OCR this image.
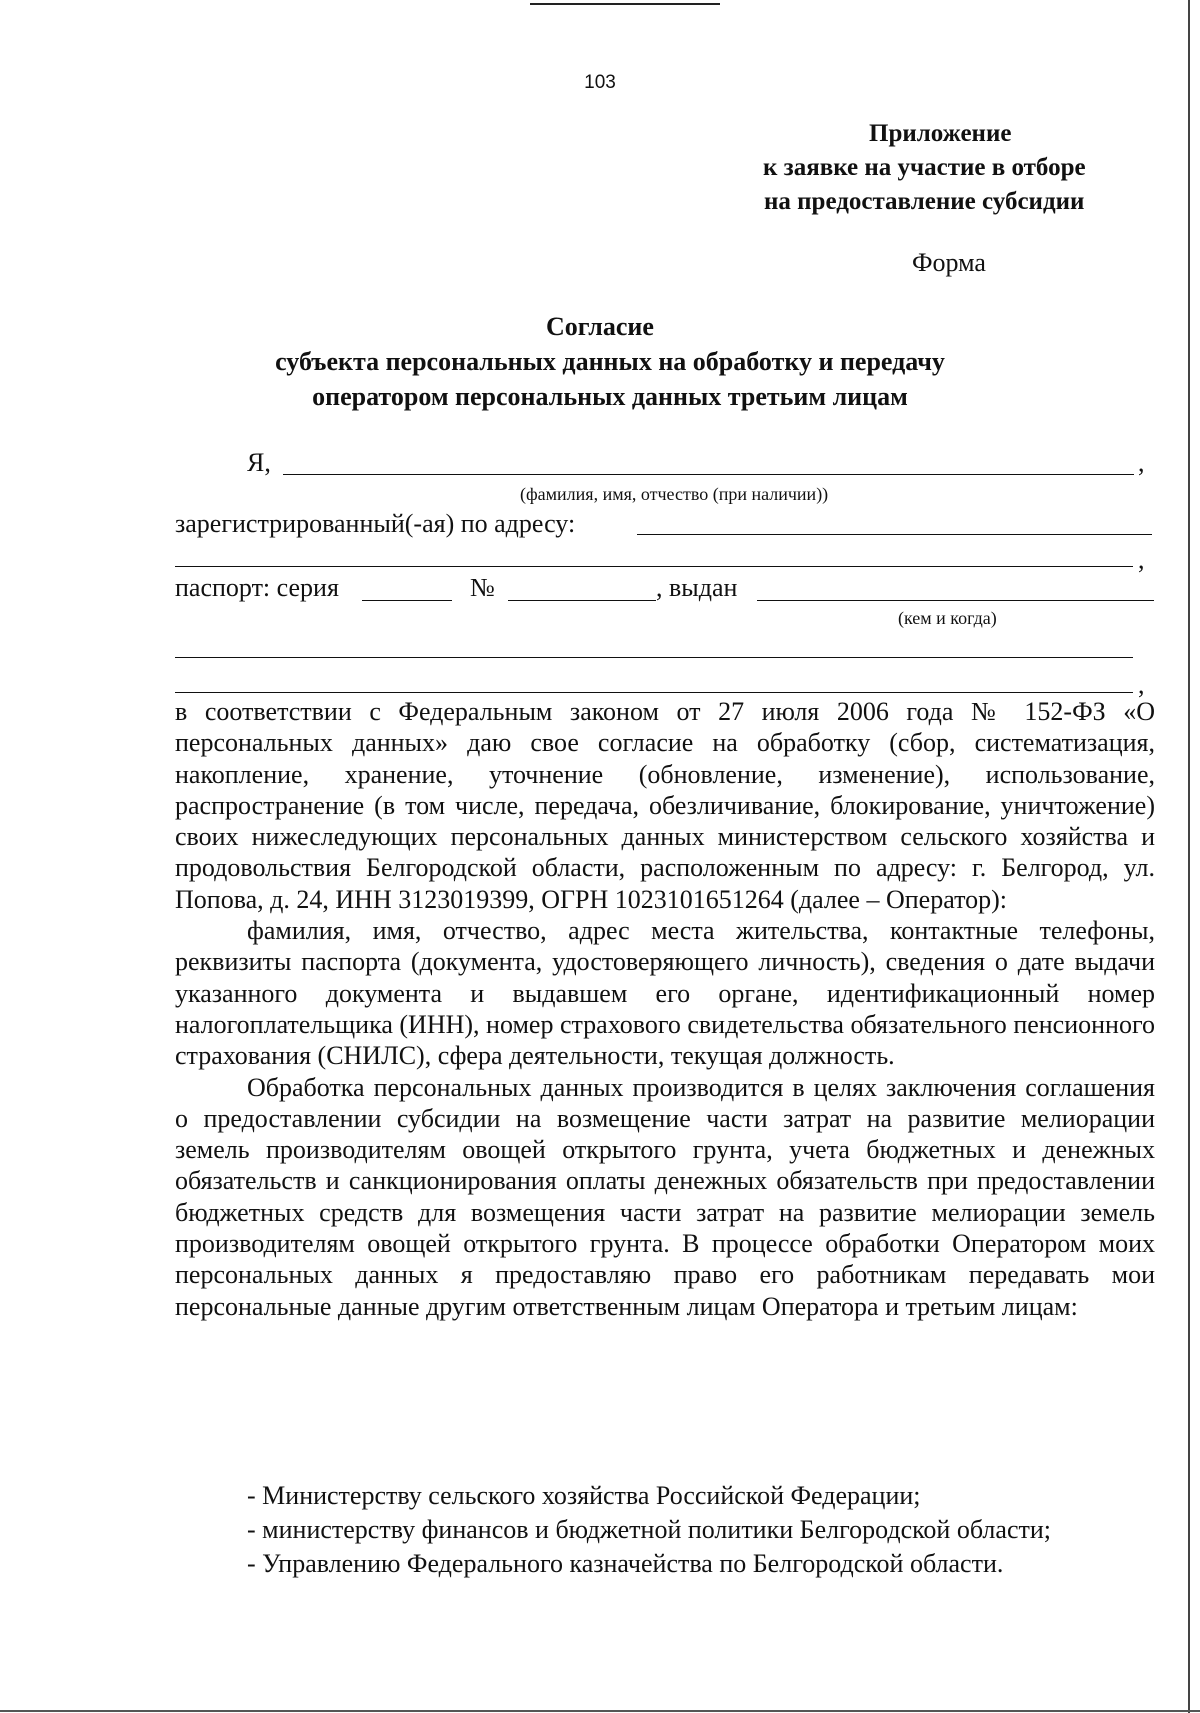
103
Приложение
к заявке на участие в отборе
на предоставление субсидии
Форма
Согласие
субъекта персональных данных на обработку и передачу
оператором персональных данных третьим лицам
Я,	,
(фамилия, имя, отчество (при наличии))
зарегистрированный(-ая) по адресу:
,
паспорт: серия	№	, выдан
(кем и когда)
,

в соответствии с Федеральным законом от 27 июля 2006 года № 152-ФЗ «О персональных данных» даю свое согласие на обработку (сбор, систематизация, накопление, хранение, уточнение (обновление, изменение), использование, распространение (в том числе, передача, обезличивание, блокирование, уничтожение) своих нижеследующих персональных данных министерством сельского хозяйства и продовольствия Белгородской области, расположенным по адресу: г. Белгород, ул. Попова, д. 24, ИНН 3123019399, ОГРН 1023101651264 (далее – Оператор):

фамилия, имя, отчество, адрес места жительства, контактные телефоны, реквизиты паспорта (документа, удостоверяющего личность), сведения о дате выдачи указанного документа и выдавшем его органе, идентификационный номер налогоплательщика (ИНН), номер страхового свидетельства обязательного пенсионного страхования (СНИЛС), сфера деятельности, текущая должность.

Обработка персональных данных производится в целях заключения соглашения о предоставлении субсидии на возмещение части затрат на развитие мелиорации земель производителям овощей открытого грунта, учета бюджетных и денежных обязательств и санкционирования оплаты денежных обязательств при предоставлении бюджетных средств для возмещения части затрат на развитие мелиорации земель производителям овощей открытого грунта. В процессе обработки Оператором моих персональных данных я предоставляю право его работникам передавать мои персональные данные другим ответственным лицам Оператора и третьим лицам:

- Министерству сельского хозяйства Российской Федерации;
- министерству финансов и бюджетной политики Белгородской области;
- Управлению Федерального казначейства по Белгородской области.
